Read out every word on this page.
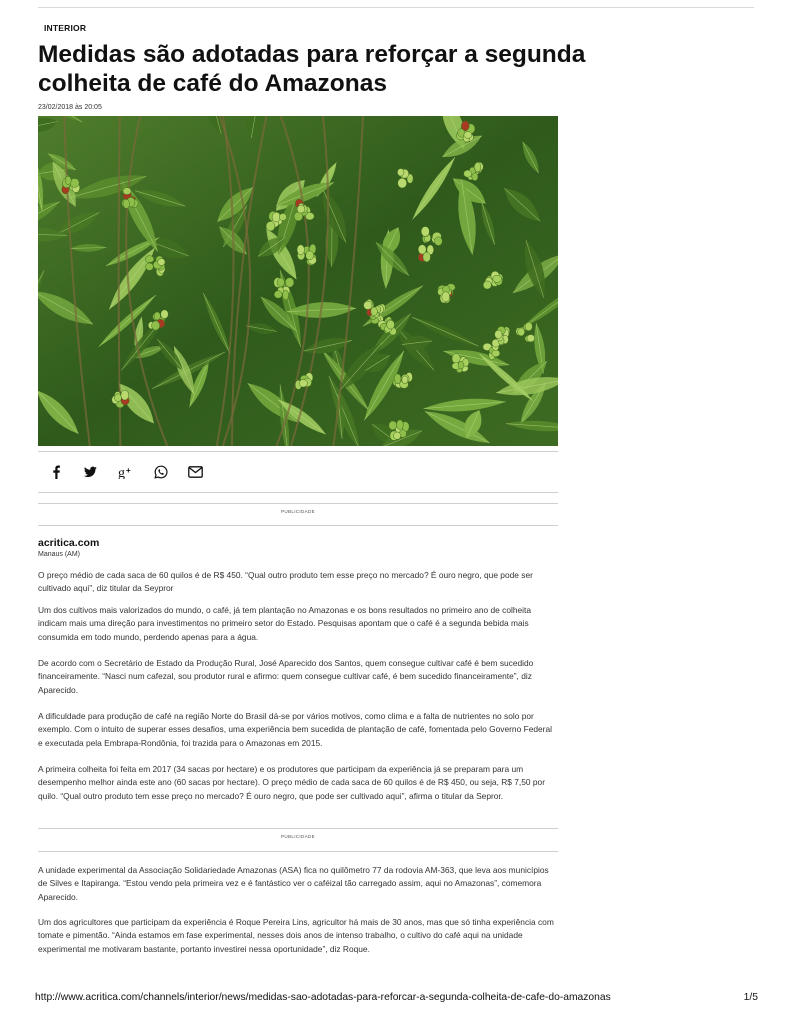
INTERIOR
Medidas são adotadas para reforçar a segunda colheita de café do Amazonas
23/02/2018 às 20:05
g +
PUBLICIDADE
acritica.com
Manaus (AM)

O preço médio de cada saca de 60 quilos é de R$ 450. “Qual outro produto tem esse preço no mercado? É ouro negro, que pode ser cultivado aqui”, diz titular da Seypror

Um dos cultivos mais valorizados do mundo, o café, já tem plantação no Amazonas e os bons resultados no primeiro ano de colheita indicam mais uma direção para investimentos no primeiro setor do Estado. Pesquisas apontam que o café é a segunda bebida mais consumida em todo mundo, perdendo apenas para a água.

De acordo com o Secretário de Estado da Produção Rural, José Aparecido dos Santos, quem consegue cultivar café é bem sucedido financeiramente. “Nasci num cafezal, sou produtor rural e afirmo: quem consegue cultivar café, é bem sucedido financeiramente”, diz Aparecido.

A dificuldade para produção de café na região Norte do Brasil dá-se por vários motivos, como clima e a falta de nutrientes no solo por exemplo. Com o intuito de superar esses desafios, uma experiência bem sucedida de plantação de café, fomentada pelo Governo Federal e executada pela Embrapa-Rondônia, foi trazida para o Amazonas em 2015.

A primeira colheita foi feita em 2017 (34 sacas por hectare) e os produtores que participam da experiência já se preparam para um desempenho melhor ainda este ano (60 sacas por hectare). O preço médio de cada saca de 60 quilos é de R$ 450, ou seja, R$ 7,50 por quilo. “Qual outro produto tem esse preço no mercado? É ouro negro, que pode ser cultivado aqui”, afirma o titular da Sepror.

PUBLICIDADE

A unidade experimental da Associação Solidariedade Amazonas (ASA) fica no quilômetro 77 da rodovia AM-363, que leva aos municípios de Silves e Itapiranga. “Estou vendo pela primeira vez e é fantástico ver o caféizal tão carregado assim, aqui no Amazonas”, comemora Aparecido.

Um dos agricultores que participam da experiência é Roque Pereira Lins, agricultor há mais de 30 anos, mas que só tinha experiência com tomate e pimentão. “Ainda estamos em fase experimental, nesses dois anos de intenso trabalho, o cultivo do café aqui na unidade experimental me motivaram bastante, portanto investirei nessa oportunidade”, diz Roque.

http://www.acritica.com/channels/interior/news/medidas-sao-adotadas-para-reforcar-a-segunda-colheita-de-cafe-do-amazonas	1/5
